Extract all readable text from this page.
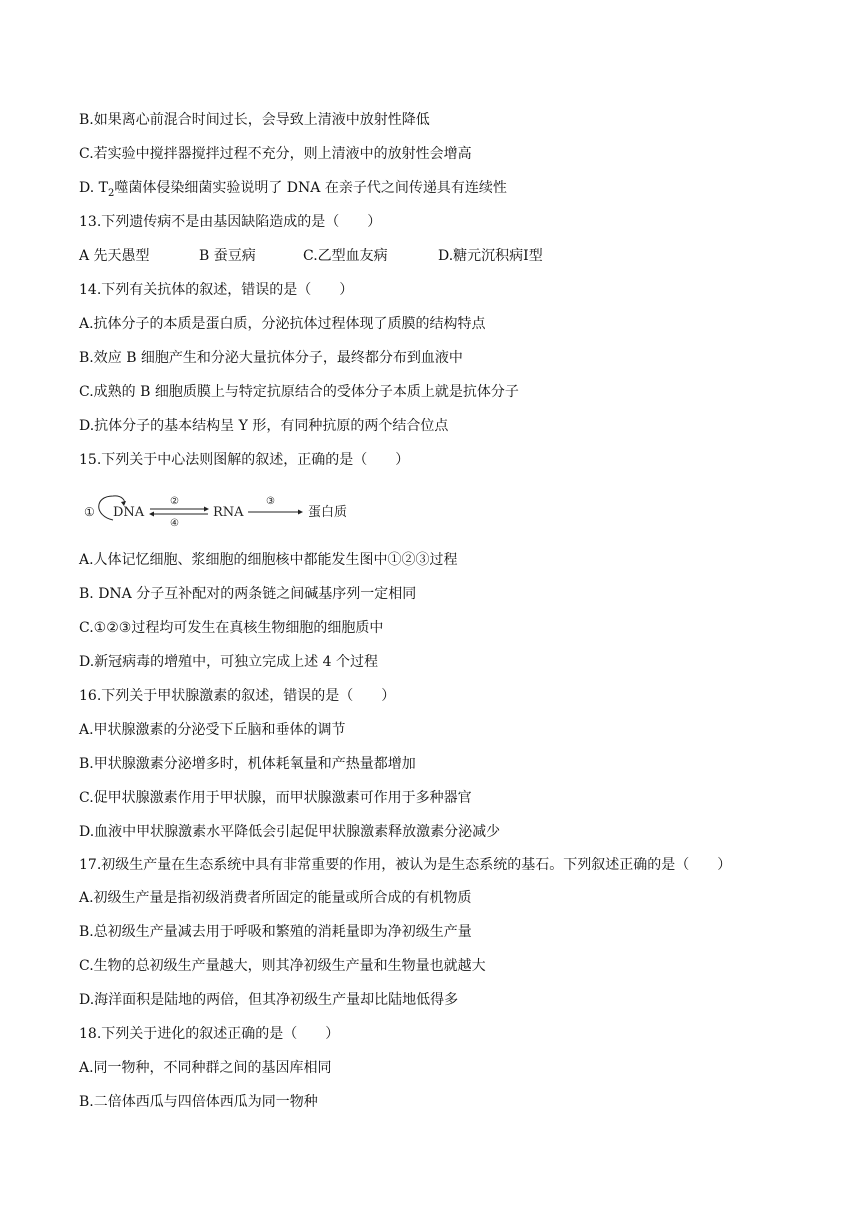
B.如果离心前混合时间过长，会导致上清液中放射性降低
C.若实验中搅拌器搅拌过程不充分，则上清液中的放射性会增高
D. $T_2$噬菌体侵染细菌实验说明了 DNA 在亲子代之间传递具有连续性
13.下列遗传病不是由基因缺陷造成的是（　　）
A 先天愚型	B 蚕豆病	C.乙型血友病	D.糖元沉积病Ⅰ型
14.下列有关抗体的叙述，错误的是（　　）
A.抗体分子的本质是蛋白质，分泌抗体过程体现了质膜的结构特点
B.效应 B 细胞产生和分泌大量抗体分子，最终都分布到血液中
C.成熟的 B 细胞质膜上与特定抗原结合的受体分子本质上就是抗体分子
D.抗体分子的基本结构呈 Y 形，有同种抗原的两个结合位点
15.下列关于中心法则图解的叙述，正确的是（　　）
① DNA
②
④
RNA
③
蛋白质
A.人体记忆细胞、浆细胞的细胞核中都能发生图中①②③过程
B. DNA 分子互补配对的两条链之间碱基序列一定相同
C.①②③过程均可发生在真核生物细胞的细胞质中
D.新冠病毒的增殖中，可独立完成上述 4 个过程
16.下列关于甲状腺激素的叙述，错误的是（　　）
A.甲状腺激素的分泌受下丘脑和垂体的调节
B.甲状腺激素分泌增多时，机体耗氧量和产热量都增加
C.促甲状腺激素作用于甲状腺，而甲状腺激素可作用于多种器官
D.血液中甲状腺激素水平降低会引起促甲状腺激素释放激素分泌减少
17.初级生产量在生态系统中具有非常重要的作用，被认为是生态系统的基石。下列叙述正确的是（　　）
A.初级生产量是指初级消费者所固定的能量或所合成的有机物质
B.总初级生产量减去用于呼吸和繁殖的消耗量即为净初级生产量
C.生物的总初级生产量越大，则其净初级生产量和生物量也就越大
D.海洋面积是陆地的两倍，但其净初级生产量却比陆地低得多
18.下列关于进化的叙述正确的是（　　）
A.同一物种，不同种群之间的基因库相同
B.二倍体西瓜与四倍体西瓜为同一物种
